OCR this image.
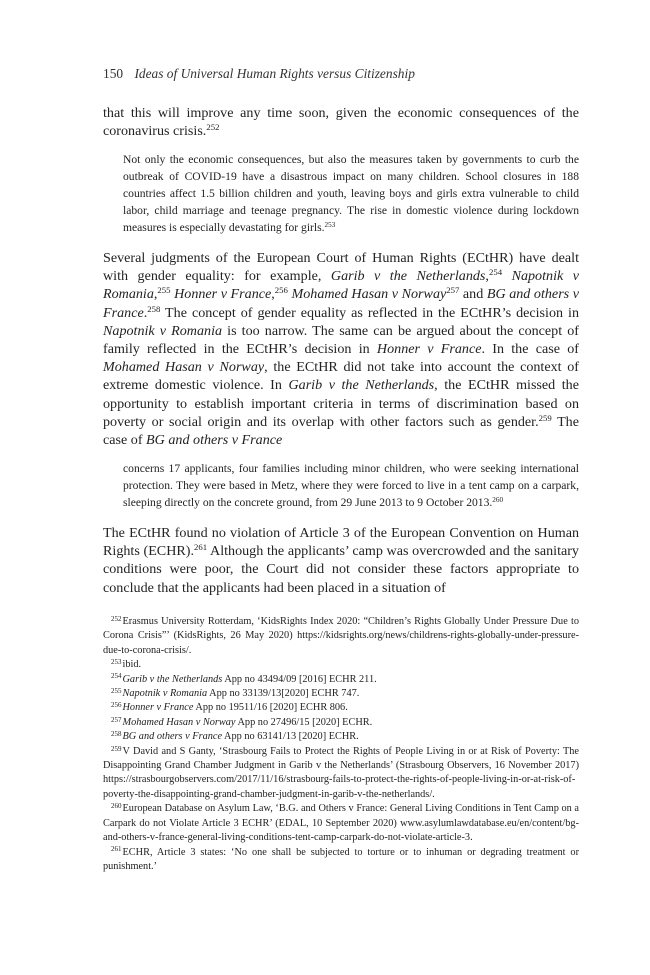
150 Ideas of Universal Human Rights versus Citizenship

that this will improve any time soon, given the economic consequences of the coronavirus crisis.$^{252}$

Not only the economic consequences, but also the measures taken by governments to curb the outbreak of COVID-19 have a disastrous impact on many children. School closures in 188 countries affect 1.5 billion children and youth, leaving boys and girls extra vulnerable to child labor, child marriage and teenage pregnancy. The rise in domestic violence during lockdown measures is especially devastating for girls.$^{253}$

Several judgments of the European Court of Human Rights (ECtHR) have dealt with gender equality: for example, Garib v the Netherlands,$^{254}$ Napotnik v Romania,$^{255}$ Honner v France,$^{256}$ Mohamed Hasan v Norway$^{257}$ and BG and others v France.$^{258}$ The concept of gender equality as reflected in the ECtHR’s decision in Napotnik v Romania is too narrow. The same can be argued about the concept of family reflected in the ECtHR’s decision in Honner v France. In the case of Mohamed Hasan v Norway, the ECtHR did not take into account the context of extreme domestic violence. In Garib v the Netherlands, the ECtHR missed the opportunity to establish important criteria in terms of discrimination based on poverty or social origin and its overlap with other factors such as gender.$^{259}$ The case of BG and others v France

concerns 17 applicants, four families including minor children, who were seeking international protection. They were based in Metz, where they were forced to live in a tent camp on a carpark, sleeping directly on the concrete ground, from 29 June 2013 to 9 October 2013.$^{260}$

The ECtHR found no violation of Article 3 of the European Convention on Human Rights (ECHR).$^{261}$ Although the applicants’ camp was overcrowded and the sanitary conditions were poor, the Court did not consider these factors appropriate to conclude that the applicants had been placed in a situation of

$^{252}$Erasmus University Rotterdam, ‘KidsRights Index 2020: “Children’s Rights Globally Under Pressure Due to Corona Crisis”’ (KidsRights, 26 May 2020) https://kidsrights.org/news/childrens-rights-globally-under-pressure-due-to-corona-crisis/.
$^{253}$ibid.
$^{254}$Garib v the Netherlands App no 43494/09 [2016] ECHR 211.
$^{255}$Napotnik v Romania App no 33139/13[2020] ECHR 747.
$^{256}$Honner v France App no 19511/16 [2020] ECHR 806.
$^{257}$Mohamed Hasan v Norway App no 27496/15 [2020] ECHR.
$^{258}$BG and others v France App no 63141/13 [2020] ECHR.
$^{259}$V David and S Ganty, ‘Strasbourg Fails to Protect the Rights of People Living in or at Risk of Poverty: The Disappointing Grand Chamber Judgment in Garib v the Netherlands’ (Strasbourg Observers, 16 November 2017) https://strasbourgobservers.com/2017/11/16/strasbourg-fails-to-protect-the-rights-of-people-living-in-or-at-risk-of-poverty-the-disappointing-grand-chamber-judgment-in-garib-v-the-netherlands/.
$^{260}$European Database on Asylum Law, ‘B.G. and Others v France: General Living Conditions in Tent Camp on a Carpark do not Violate Article 3 ECHR’ (EDAL, 10 September 2020) www.asylumlawdatabase.eu/en/content/bg-and-others-v-france-general-living-conditions-tent-camp-carpark-do-not-violate-article-3.
$^{261}$ECHR, Article 3 states: ‘No one shall be subjected to torture or to inhuman or degrading treatment or punishment.’
